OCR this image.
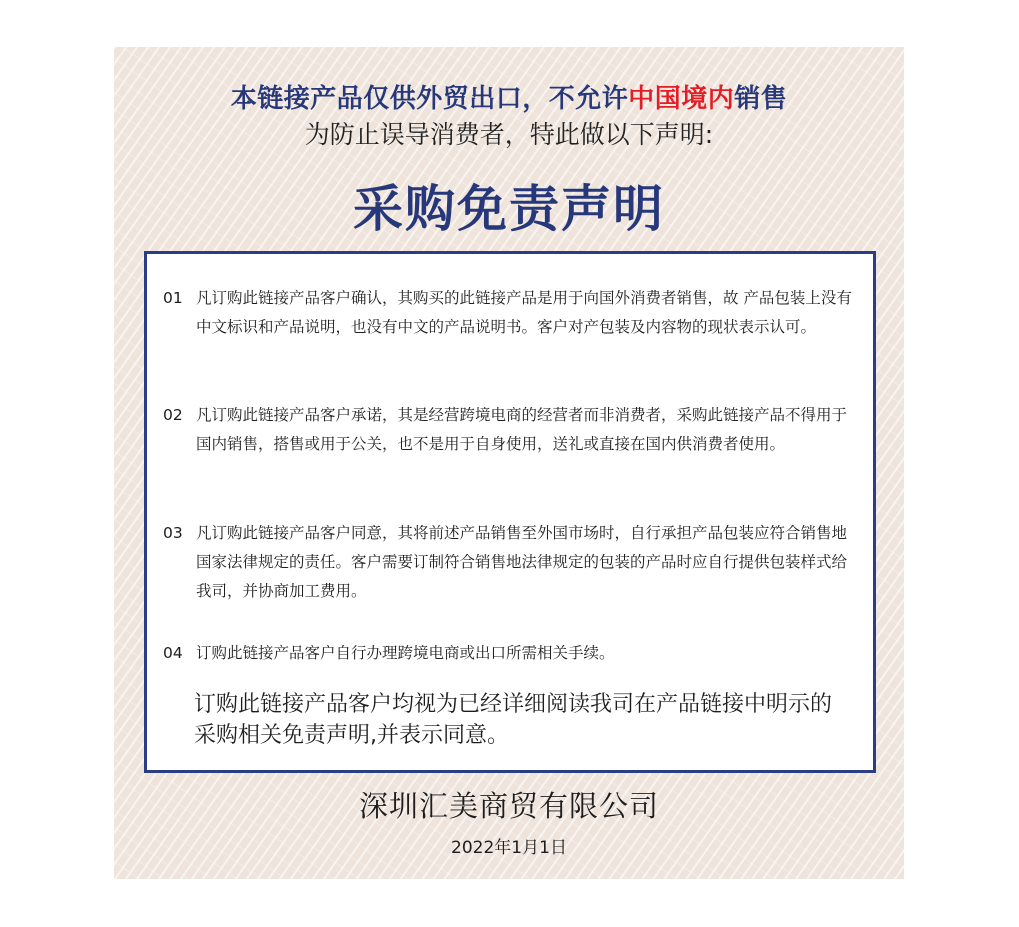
本链接产品仅供外贸出口，不允许中国境内销售
为防止误导消费者，特此做以下声明:
采购免责声明
01 凡订购此链接产品客户确认，其购买的此链接产品是用于向国外消费者销售，故 产品包装上没有中文标识和产品说明，也没有中文的产品说明书。客户对产包装及内容物的现状表示认可。
02 凡订购此链接产品客户承诺，其是经营跨境电商的经营者而非消费者，采购此链接产品不得用于国内销售，搭售或用于公关，也不是用于自身使用，送礼或直接在国内供消费者使用。
03 凡订购此链接产品客户同意，其将前述产品销售至外国市场时，自行承担产品包装应符合销售地国家法律规定的责任。客户需要订制符合销售地法律规定的包装的产品时应自行提供包装样式给我司，并协商加工费用。
04 订购此链接产品客户自行办理跨境电商或出口所需相关手续。
订购此链接产品客户均视为已经详细阅读我司在产品链接中明示的采购相关免责声明,并表示同意。
深圳汇美商贸有限公司
2022年1月1日
